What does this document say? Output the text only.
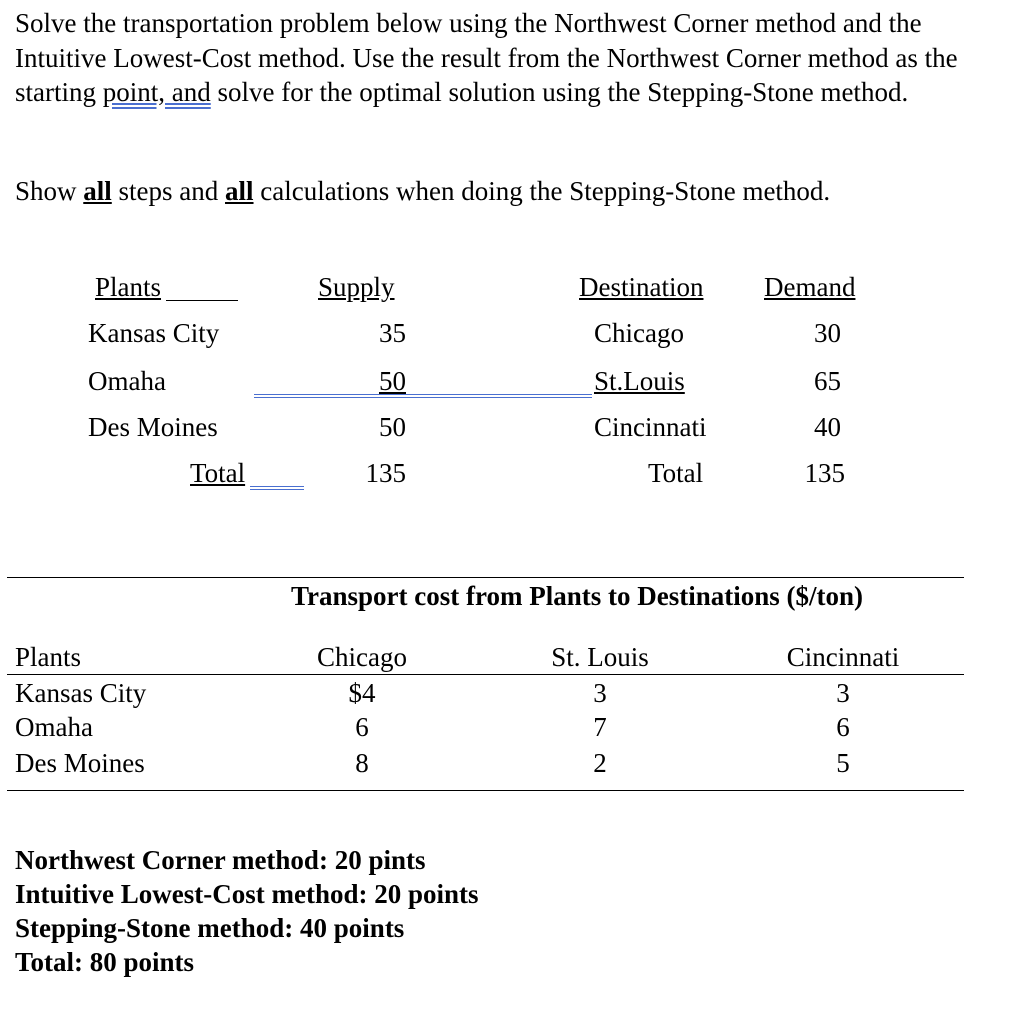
Solve the transportation problem below using the Northwest Corner method and the Intuitive Lowest-Cost method. Use the result from the Northwest Corner method as the starting point, and solve for the optimal solution using the Stepping-Stone method.
Show all steps and all calculations when doing the Stepping-Stone method.
Plants	Supply	Destination Demand
Kansas City	35	Chicago	30
Omaha	50	St.Louis	65
Des Moines	50	Cincinnati	40
Total	135	Total	135
Transport cost from Plants to Destinations ($/ton)
Plants	Chicago	St. Louis	Cincinnati
Kansas City	$4	3	3
Omaha	6	7	6
Des Moines	8	2	5
Northwest Corner method: 20 pints
Intuitive Lowest-Cost method: 20 points
Stepping-Stone method: 40 points
Total: 80 points
